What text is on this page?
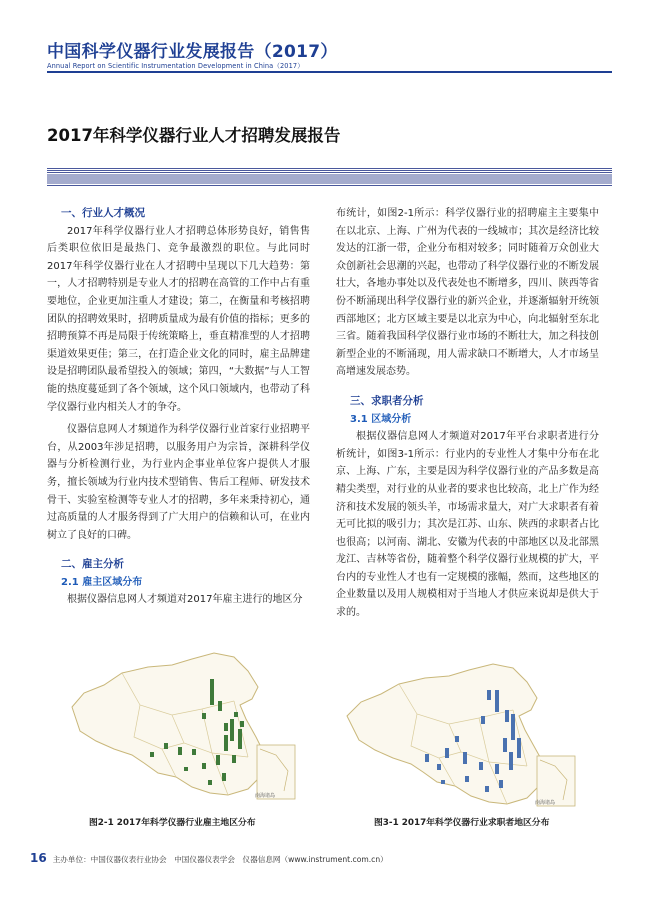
中国科学仪器行业发展报告（2017）
Annual Report on Scientific Instrumentation Development in China（2017）
2017年科学仪器行业人才招聘发展报告
一、行业人才概况

2017年科学仪器行业人才招聘总体形势良好，销售售后类职位依旧是最热门、竞争最激烈的职位。与此同时2017年科学仪器行业在人才招聘中呈现以下几大趋势：第一，人才招聘特别是专业人才的招聘在高管的工作中占有重要地位，企业更加注重人才建设；第二，在衡量和考核招聘团队的招聘效果时，招聘质量成为最有价值的指标；更多的招聘预算不再是局限于传统策略上，垂直精准型的人才招聘渠道效果更佳；第三，在打造企业文化的同时，雇主品牌建设是招聘团队最希望投入的领域；第四，“大数据”与人工智能的热度蔓延到了各个领域，这个风口领域内，也带动了科学仪器行业内相关人才的争夺。

仪器信息网人才频道作为科学仪器行业首家行业招聘平台，从2003年涉足招聘，以服务用户为宗旨，深耕科学仪器与分析检测行业，为行业内企事业单位客户提供人才服务，擅长领域为行业内技术型销售、售后工程师、研发技术骨干、实验室检测等专业人才的招聘，多年来秉持初心，通过高质量的人才服务得到了广大用户的信赖和认可，在业内树立了良好的口碑。

二、雇主分析
2.1 雇主区域分布

根据仪器信息网人才频道对2017年雇主进行的地区分

布统计，如图2-1所示：科学仪器行业的招聘雇主主要集中在以北京、上海、广州为代表的一线城市；其次是经济比较发达的江浙一带，企业分布相对较多；同时随着万众创业大众创新社会思潮的兴起，也带动了科学仪器行业的不断发展壮大，各地办事处以及代表处也不断增多，四川、陕西等省份不断涌现出科学仪器行业的新兴企业，并逐渐辐射开统领西部地区；北方区域主要是以北京为中心，向北辐射至东北三省。随着我国科学仪器行业市场的不断壮大，加之科技创新型企业的不断涌现，用人需求缺口不断增大，人才市场呈高增速发展态势。

三、求职者分析
3.1 区域分析

根据仪器信息网人才频道对2017年平台求职者进行分析统计，如图3-1所示：行业内的专业性人才集中分布在北京、上海、广东，主要是因为科学仪器行业的产品多数是高精尖类型，对行业的从业者的要求也比较高，北上广作为经济和技术发展的领头羊，市场需求量大，对广大求职者有着无可比拟的吸引力；其次是江苏、山东、陕西的求职者占比也很高；以河南、湖北、安徽为代表的中部地区以及北部黑龙江、吉林等省份，随着整个科学仪器行业规模的扩大，平台内的专业性人才也有一定规模的涨幅，然而，这些地区的企业数量以及用人规模相对于当地人才供应来说却是供大于求的。

南海诸岛
图2-1 2017年科学仪器行业雇主地区分布
南海诸岛
图3-1 2017年科学仪器行业求职者地区分布
16 主办单位：中国仪器仪表行业协会　中国仪器仪表学会　仪器信息网（www.instrument.com.cn）
